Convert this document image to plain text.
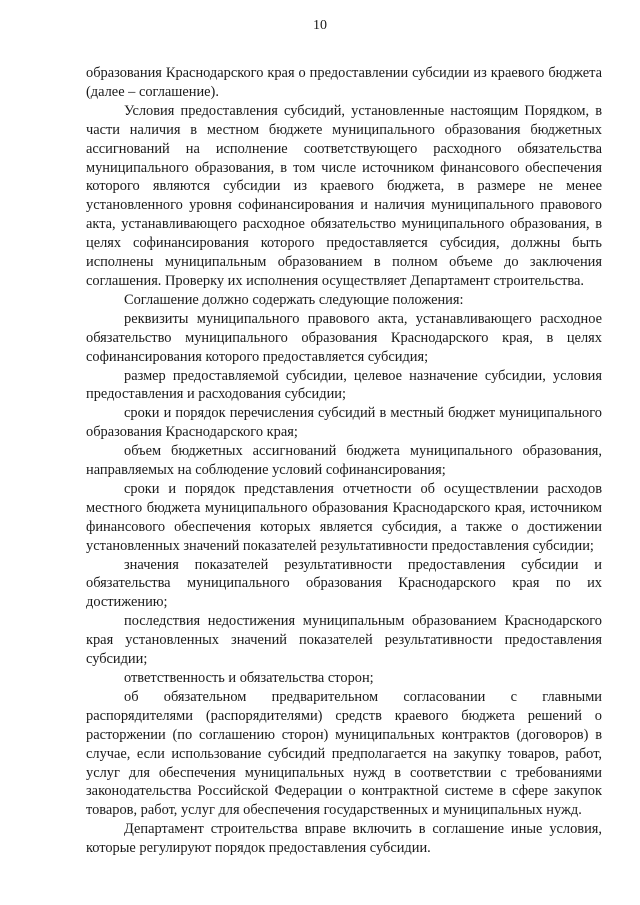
10

образования Краснодарского края о предоставлении субсидии из краевого бюджета (далее – соглашение).

Условия предоставления субсидий, установленные настоящим Порядком, в части наличия в местном бюджете муниципального образования бюджетных ассигнований на исполнение соответствующего расходного обязательства муниципального образования, в том числе источником финансового обеспечения которого являются субсидии из краевого бюджета, в размере не менее установленного уровня софинансирования и наличия муниципального правового акта, устанавливающего расходное обязательство муниципального образования, в целях софинансирования которого предоставляется субсидия, должны быть исполнены муниципальным образованием в полном объеме до заключения соглашения. Проверку их исполнения осуществляет Департамент строительства.

Соглашение должно содержать следующие положения:

реквизиты муниципального правового акта, устанавливающего расходное обязательство муниципального образования Краснодарского края, в целях софинансирования которого предоставляется субсидия;

размер предоставляемой субсидии, целевое назначение субсидии, условия предоставления и расходования субсидии;

сроки и порядок перечисления субсидий в местный бюджет муниципального образования Краснодарского края;

объем бюджетных ассигнований бюджета муниципального образования, направляемых на соблюдение условий софинансирования;

сроки и порядок представления отчетности об осуществлении расходов местного бюджета муниципального образования Краснодарского края, источником финансового обеспечения которых является субсидия, а также о достижении установленных значений показателей результативности предоставления субсидии;

значения показателей результативности предоставления субсидии и обязательства муниципального образования Краснодарского края по их достижению;

последствия недостижения муниципальным образованием Краснодарского края установленных значений показателей результативности предоставления субсидии;

ответственность и обязательства сторон;

об обязательном предварительном согласовании с главными распорядителями (распорядителями) средств краевого бюджета решений о расторжении (по соглашению сторон) муниципальных контрактов (договоров) в случае, если использование субсидий предполагается на закупку товаров, работ, услуг для обеспечения муниципальных нужд в соответствии с требованиями законодательства Российской Федерации о контрактной системе в сфере закупок товаров, работ, услуг для обеспечения государственных и муниципальных нужд.

Департамент строительства вправе включить в соглашение иные условия, которые регулируют порядок предоставления субсидии.
